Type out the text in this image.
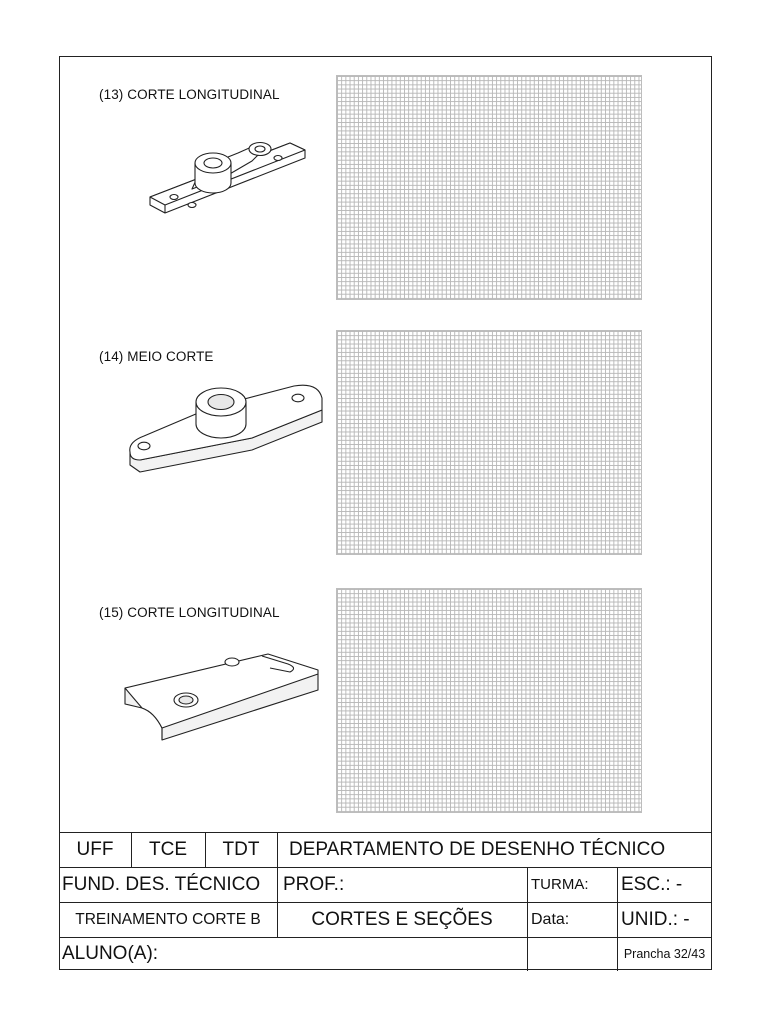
(13) CORTE LONGITUDINAL
(14) MEIO CORTE
(15) CORTE LONGITUDINAL
UFF	TCE	TDT	DEPARTAMENTO DE DESENHO TÉCNICO
FUND. DES. TÉCNICO	PROF.:	TURMA:	ESC.: -
TREINAMENTO CORTE B	CORTES E SEÇÕES	Data:	UNID.: -
ALUNO(A):	Prancha 32/43
